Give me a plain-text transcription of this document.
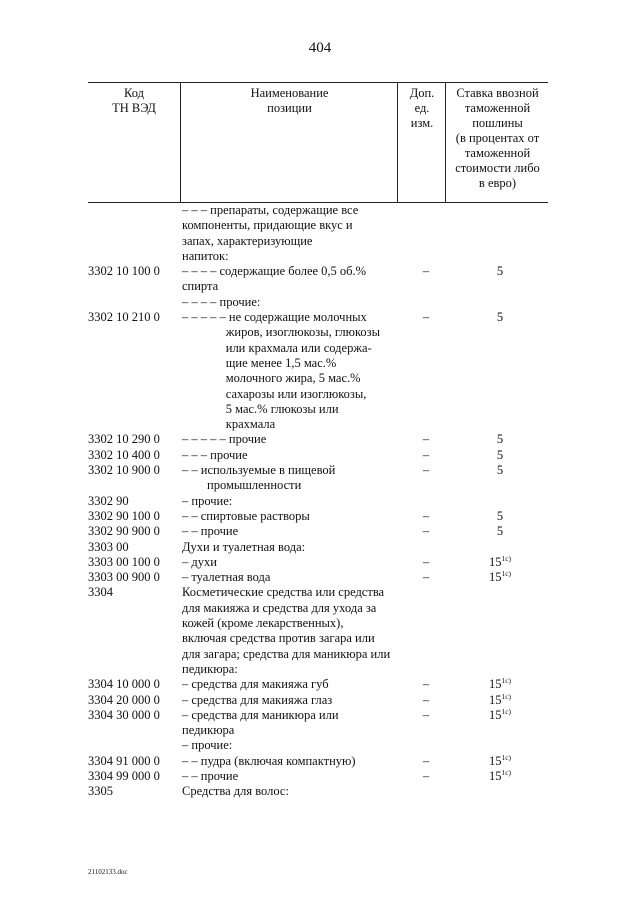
404
Код
ТН ВЭД
Наименование
позиции
Доп.
ед.
изм.
Ставка ввозной
таможенной
пошлины
(в процентах от
таможенной
стоимости либо
в евро)
– – – препараты, содержащие все
компоненты, придающие вкус и
запах, характеризующие
напиток:
3302 10 100 0	– – – – содержащие более 0,5 об.%
спирта
–	5
– – – – прочие:
3302 10 210 0	– – – – – не содержащие молочных
жиров, изоглюкозы, глюкозы
или крахмала или содержа-
щие менее 1,5 мас.%
молочного жира, 5 мас.%
сахарозы или изоглюкозы,
5 мас.% глюкозы или
крахмала
–	5
3302 10 290 0	– – – – – прочие	–	5
3302 10 400 0	– – – прочие	–	5
3302 10 900 0	– – используемые в пищевой
промышленности
–	5
3302 90	– прочие:
3302 90 100 0	– – спиртовые растворы	–	5
3302 90 900 0	– – прочие	–	5
3303 00	Духи и туалетная вода:
3303 00 100 0	– духи	–	$15^{1с)}$
3303 00 900 0	– туалетная вода	–	$15^{1с)}$
3304	Косметические средства или средства
для макияжа и средства для ухода за
кожей (кроме лекарственных),
включая средства против загара или
для загара; средства для маникюра или
педикюра:
3304 10 000 0	– средства для макияжа губ	–	$15^{1с)}$
3304 20 000 0	– средства для макияжа глаз	–	$15^{1с)}$
3304 30 000 0	– средства для маникюра или
педикюра
–	$15^{1с)}$
– прочие:
3304 91 000 0	– – пудра (включая компактную)	–	$15^{1с)}$
3304 99 000 0	– – прочие	–	$15^{1с)}$
3305	Средства для волос:
21102133.doc
